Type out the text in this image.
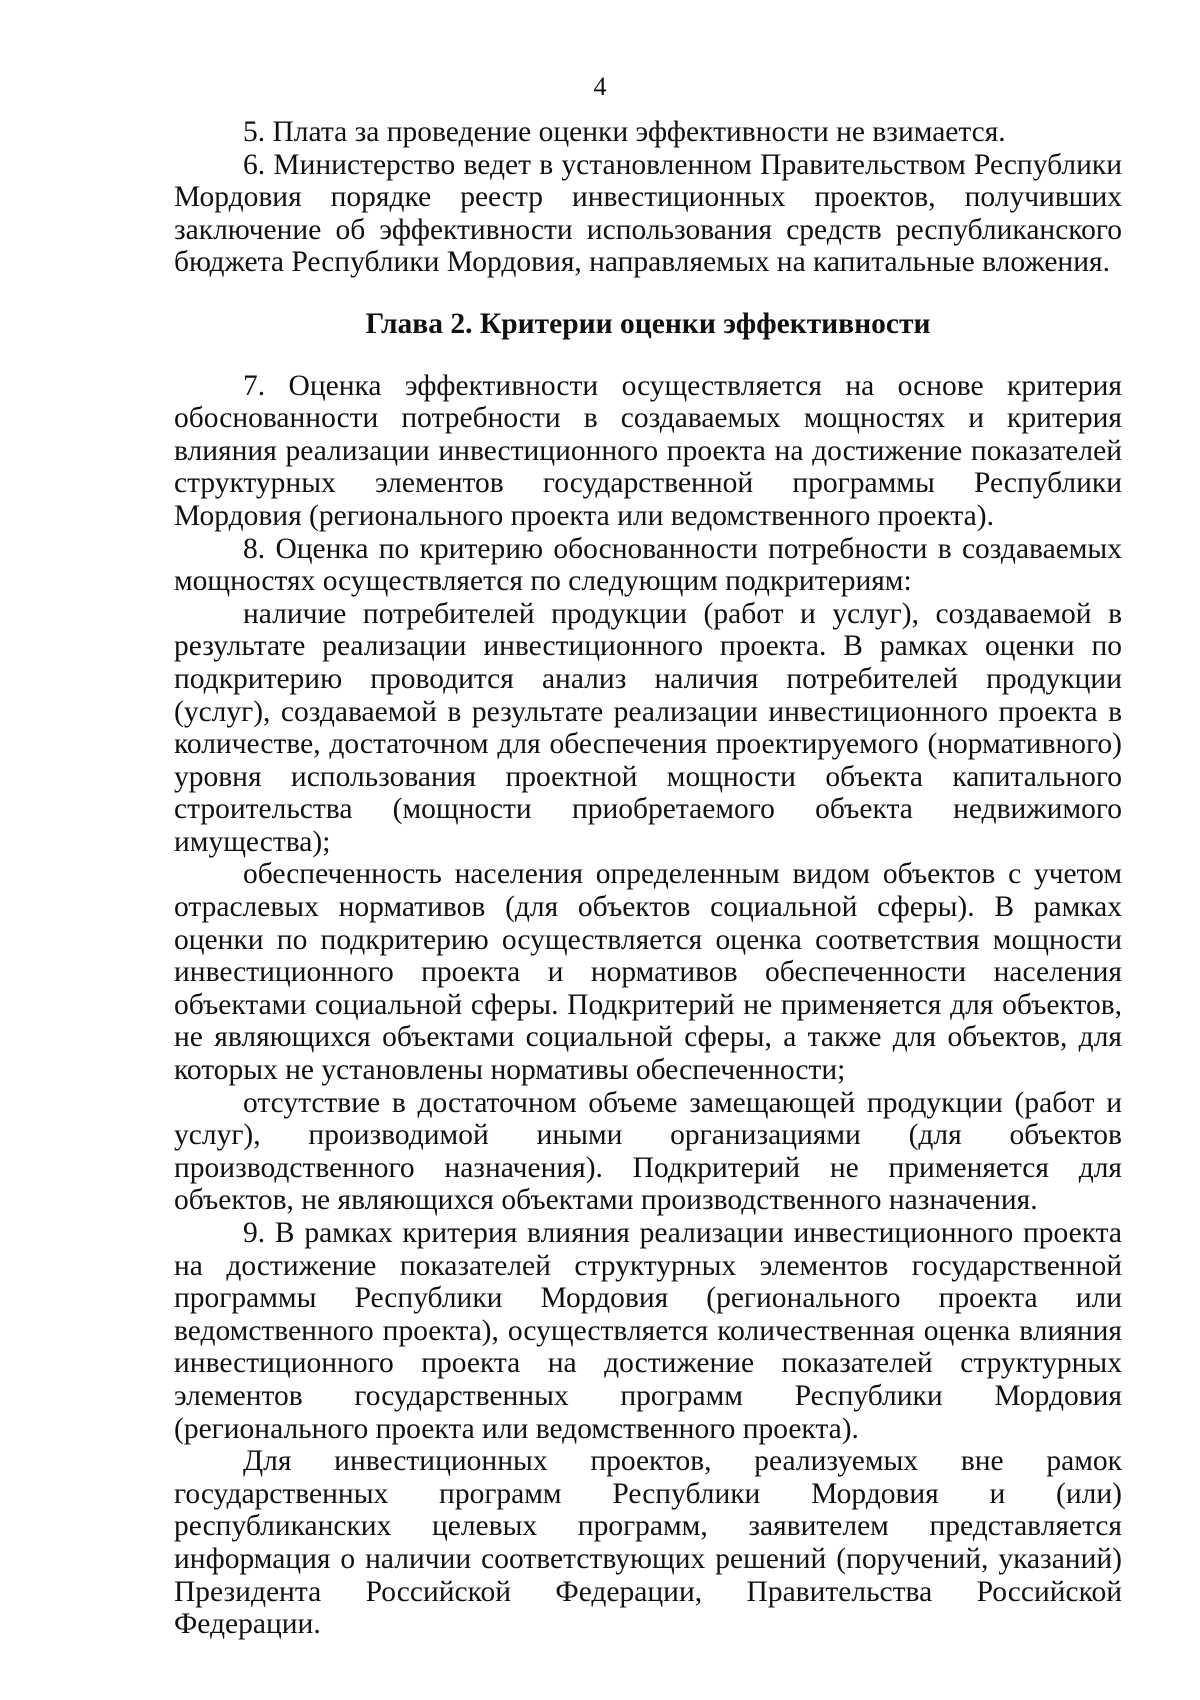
4

5. Плата за проведение оценки эффективности не взимается.

6. Министерство ведет в установленном Правительством Республики Мордовия порядке реестр инвестиционных проектов, получивших заключение об эффективности использования средств республиканского бюджета Республики Мордовия, направляемых на капитальные вложения.

Глава 2. Критерии оценки эффективности

7. Оценка эффективности осуществляется на основе критерия обоснованности потребности в создаваемых мощностях и критерия влияния реализации инвестиционного проекта на достижение показателей структурных элементов государственной программы Республики Мордовия (регионального проекта или ведомственного проекта).

8. Оценка по критерию обоснованности потребности в создаваемых мощностях осуществляется по следующим подкритериям:

наличие потребителей продукции (работ и услуг), создаваемой в результате реализации инвестиционного проекта. В рамках оценки по подкритерию проводится анализ наличия потребителей продукции (услуг), создаваемой в результате реализации инвестиционного проекта в количестве, достаточном для обеспечения проектируемого (нормативного) уровня использования проектной мощности объекта капитального строительства (мощности приобретаемого объекта недвижимого имущества);

обеспеченность населения определенным видом объектов с учетом отраслевых нормативов (для объектов социальной сферы). В рамках оценки по подкритерию осуществляется оценка соответствия мощности инвестиционного проекта и нормативов обеспеченности населения объектами социальной сферы. Подкритерий не применяется для объектов, не являющихся объектами социальной сферы, а также для объектов, для которых не установлены нормативы обеспеченности;

отсутствие в достаточном объеме замещающей продукции (работ и услуг), производимой иными организациями (для объектов производственного назначения). Подкритерий не применяется для объектов, не являющихся объектами производственного назначения.

9. В рамках критерия влияния реализации инвестиционного проекта на достижение показателей структурных элементов государственной программы Республики Мордовия (регионального проекта или ведомственного проекта), осуществляется количественная оценка влияния инвестиционного проекта на достижение показателей структурных элементов государственных программ Республики Мордовия (регионального проекта или ведомственного проекта).

Для инвестиционных проектов, реализуемых вне рамок государственных программ Республики Мордовия и (или) республиканских целевых программ, заявителем представляется информация о наличии соответствующих решений (поручений, указаний) Президента Российской Федерации, Правительства Российской Федерации.
